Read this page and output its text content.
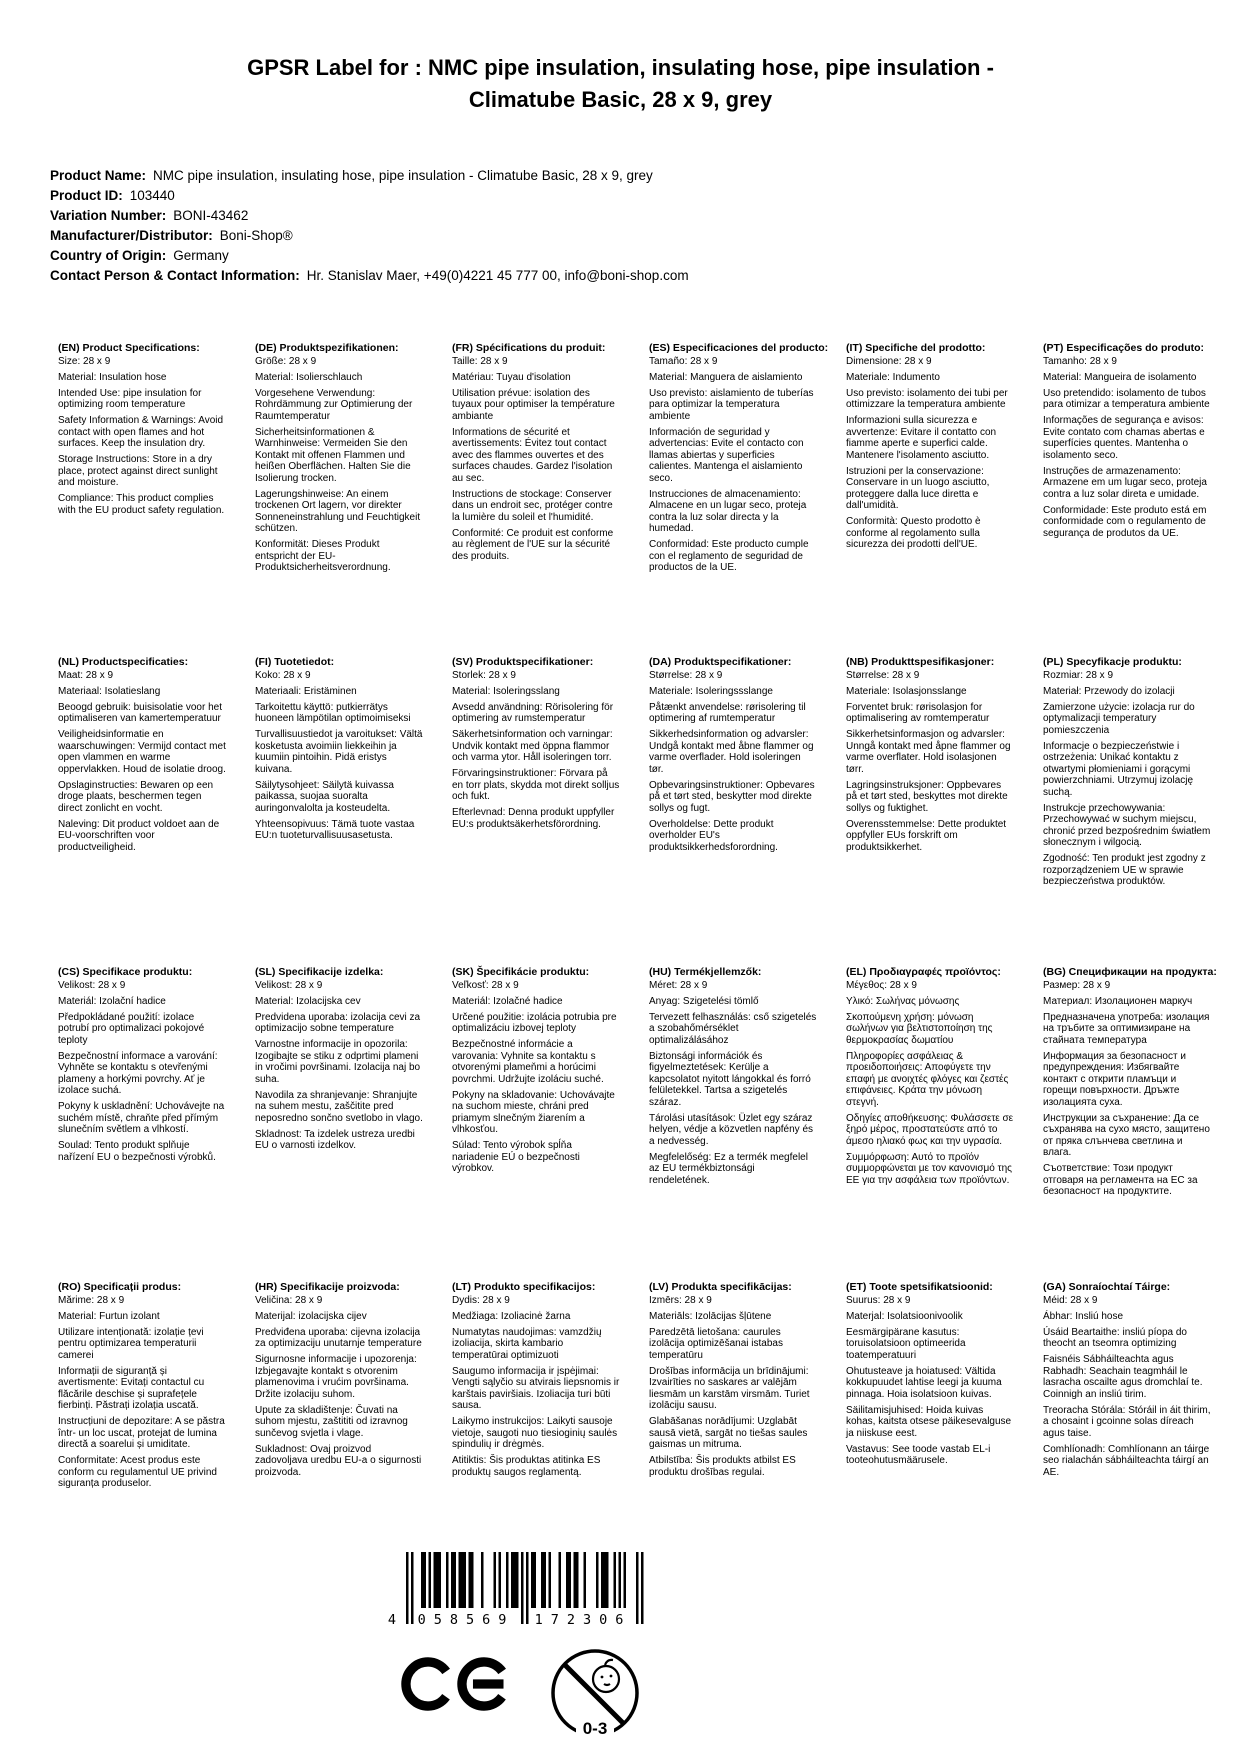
GPSR Label for : NMC pipe insulation, insulating hose, pipe insulation - Climatube Basic, 28 x 9, grey
Product Name: NMC pipe insulation, insulating hose, pipe insulation - Climatube Basic, 28 x 9, grey
Product ID: 103440
Variation Number: BONI-43462
Manufacturer/Distributor: Boni-Shop®
Country of Origin: Germany
Contact Person & Contact Information: Hr. Stanislav Maer, +49(0)4221 45 777 00, info@boni-shop.com
(EN) Product Specifications:

Size: 28 x 9

Material: Insulation hose

Intended Use: pipe insulation for optimizing room temperature

Safety Information & Warnings: Avoid contact with open flames and hot surfaces. Keep the insulation dry.

Storage Instructions: Store in a dry place, protect against direct sunlight and moisture.

Compliance: This product complies with the EU product safety regulation.

(DE) Produktspezifikationen:

Größe: 28 x 9

Material: Isolierschlauch

Vorgesehene Verwendung: Rohrdämmung zur Optimierung der Raumtemperatur

Sicherheitsinformationen & Warnhinweise: Vermeiden Sie den Kontakt mit offenen Flammen und heißen Oberflächen. Halten Sie die Isolierung trocken.

Lagerungshinweise: An einem trockenen Ort lagern, vor direkter Sonneneinstrahlung und Feuchtigkeit schützen.

Konformität: Dieses Produkt entspricht der EU-Produktsicherheitsverordnung.

(FR) Spécifications du produit:

Taille: 28 x 9

Matériau: Tuyau d'isolation

Utilisation prévue: isolation des tuyaux pour optimiser la température ambiante

Informations de sécurité et avertissements: Évitez tout contact avec des flammes ouvertes et des surfaces chaudes. Gardez l'isolation au sec.

Instructions de stockage: Conserver dans un endroit sec, protéger contre la lumière du soleil et l'humidité.

Conformité: Ce produit est conforme au règlement de l'UE sur la sécurité des produits.

(ES) Especificaciones del producto:

Tamaño: 28 x 9

Material: Manguera de aislamiento

Uso previsto: aislamiento de tuberías para optimizar la temperatura ambiente

Información de seguridad y advertencias: Evite el contacto con llamas abiertas y superficies calientes. Mantenga el aislamiento seco.

Instrucciones de almacenamiento: Almacene en un lugar seco, proteja contra la luz solar directa y la humedad.

Conformidad: Este producto cumple con el reglamento de seguridad de productos de la UE.

(IT) Specifiche del prodotto:

Dimensione: 28 x 9

Materiale: Indumento

Uso previsto: isolamento dei tubi per ottimizzare la temperatura ambiente

Informazioni sulla sicurezza e avvertenze: Evitare il contatto con fiamme aperte e superfici calde. Mantenere l'isolamento asciutto.

Istruzioni per la conservazione: Conservare in un luogo asciutto, proteggere dalla luce diretta e dall'umidità.

Conformità: Questo prodotto è conforme al regolamento sulla sicurezza dei prodotti dell'UE.

(PT) Especificações do produto:

Tamanho: 28 x 9

Material: Mangueira de isolamento

Uso pretendido: isolamento de tubos para otimizar a temperatura ambiente

Informações de segurança e avisos: Evite contato com chamas abertas e superfícies quentes. Mantenha o isolamento seco.

Instruções de armazenamento: Armazene em um lugar seco, proteja contra a luz solar direta e umidade.

Conformidade: Este produto está em conformidade com o regulamento de segurança de produtos da UE.

(NL) Productspecificaties:

Maat: 28 x 9

Materiaal: Isolatieslang

Beoogd gebruik: buisisolatie voor het optimaliseren van kamertemperatuur

Veiligheidsinformatie en waarschuwingen: Vermijd contact met open vlammen en warme oppervlakken. Houd de isolatie droog.

Opslaginstructies: Bewaren op een droge plaats, beschermen tegen direct zonlicht en vocht.

Naleving: Dit product voldoet aan de EU-voorschriften voor productveiligheid.

(FI) Tuotetiedot:

Koko: 28 x 9

Materiaali: Eristäminen

Tarkoitettu käyttö: putkierrätys huoneen lämpötilan optimoimiseksi

Turvallisuustiedot ja varoitukset: Vältä kosketusta avoimiin liekkeihin ja kuumiin pintoihin. Pidä eristys kuivana.

Säilytysohjeet: Säilytä kuivassa paikassa, suojaa suoralta auringonvalolta ja kosteudelta.

Yhteensopivuus: Tämä tuote vastaa EU:n tuoteturvallisuusasetusta.

(SV) Produktspecifikationer:

Storlek: 28 x 9

Material: Isoleringsslang

Avsedd användning: Rörisolering för optimering av rumstemperatur

Säkerhetsinformation och varningar: Undvik kontakt med öppna flammor och varma ytor. Håll isoleringen torr.

Förvaringsinstruktioner: Förvara på en torr plats, skydda mot direkt solljus och fukt.

Efterlevnad: Denna produkt uppfyller EU:s produktsäkerhetsförordning.

(DA) Produktspecifikationer:

Størrelse: 28 x 9

Materiale: Isoleringssslange

Påtænkt anvendelse: rørisolering til optimering af rumtemperatur

Sikkerhedsinformation og advarsler: Undgå kontakt med åbne flammer og varme overflader. Hold isoleringen tør.

Opbevaringsinstruktioner: Opbevares på et tørt sted, beskytter mod direkte sollys og fugt.

Overholdelse: Dette produkt overholder EU's produktsikkerhedsforordning.

(NB) Produkttspesifikasjoner:

Størrelse: 28 x 9

Materiale: Isolasjonsslange

Forventet bruk: rørisolasjon for optimalisering av romtemperatur

Sikkerhetsinformasjon og advarsler: Unngå kontakt med åpne flammer og varme overflater. Hold isolasjonen tørr.

Lagringsinstruksjoner: Oppbevares på et tørt sted, beskyttes mot direkte sollys og fuktighet.

Overensstemmelse: Dette produktet oppfyller EUs forskrift om produktsikkerhet.

(PL) Specyfikacje produktu:

Rozmiar: 28 x 9

Materiał: Przewody do izolacji

Zamierzone użycie: izolacja rur do optymalizacji temperatury pomieszczenia

Informacje o bezpieczeństwie i ostrzeżenia: Unikać kontaktu z otwartymi płomieniami i gorącymi powierzchniami. Utrzymuj izolację suchą.

Instrukcje przechowywania: Przechowywać w suchym miejscu, chronić przed bezpośrednim światłem słonecznym i wilgocią.

Zgodność: Ten produkt jest zgodny z rozporządzeniem UE w sprawie bezpieczeństwa produktów.

(CS) Specifikace produktu:

Velikost: 28 x 9

Materiál: Izolační hadice

Předpokládané použití: izolace potrubí pro optimalizaci pokojové teploty

Bezpečnostní informace a varování: Vyhněte se kontaktu s otevřenými plameny a horkými povrchy. Ať je izolace suchá.

Pokyny k uskladnění: Uchovávejte na suchém místě, chraňte před přímým slunečním světlem a vlhkostí.

Soulad: Tento produkt splňuje nařízení EU o bezpečnosti výrobků.

(SL) Specifikacije izdelka:

Velikost: 28 x 9

Material: Izolacijska cev

Predvidena uporaba: izolacija cevi za optimizacijo sobne temperature

Varnostne informacije in opozorila: Izogibajte se stiku z odprtimi plameni in vročimi površinami. Izolacija naj bo suha.

Navodila za shranjevanje: Shranjujte na suhem mestu, zaščitite pred neposredno sončno svetlobo in vlago.

Skladnost: Ta izdelek ustreza uredbi EU o varnosti izdelkov.

(SK) Špecifikácie produktu:

Veľkosť: 28 x 9

Materiál: Izolačné hadice

Určené použitie: izolácia potrubia pre optimalizáciu izbovej teploty

Bezpečnostné informácie a varovania: Vyhnite sa kontaktu s otvorenými plameňmi a horúcimi povrchmi. Udržujte izoláciu suché.

Pokyny na skladovanie: Uchovávajte na suchom mieste, chráni pred priamym slnečným žiarením a vlhkosťou.

Súlad: Tento výrobok spĺňa nariadenie EÚ o bezpečnosti výrobkov.

(HU) Termékjellemzők:

Méret: 28 x 9

Anyag: Szigetelési tömlő

Tervezett felhasználás: cső szigetelés a szobahőmérséklet optimalizálásához

Biztonsági információk és figyelmeztetések: Kerülje a kapcsolatot nyitott lángokkal és forró felületekkel. Tartsa a szigetelés száraz.

Tárolási utasítások: Üzlet egy száraz helyen, védje a közvetlen napfény és a nedvesség.

Megfelelőség: Ez a termék megfelel az EU termékbiztonsági rendeletének.

(EL) Προδιαγραφές προϊόντος:

Μέγεθος: 28 x 9

Υλικό: Σωλήνας μόνωσης

Σκοπούμενη χρήση: μόνωση σωλήνων για βελτιστοποίηση της θερμοκρασίας δωματίου

Πληροφορίες ασφάλειας & προειδοποιήσεις: Αποφύγετε την επαφή με ανοιχτές φλόγες και ζεστές επιφάνειες. Κράτα την μόνωση στεγνή.

Οδηγίες αποθήκευσης: Φυλάσσετε σε ξηρό μέρος, προστατεύστε από το άμεσο ηλιακό φως και την υγρασία.

Συμμόρφωση: Αυτό το προϊόν συμμορφώνεται με τον κανονισμό της ΕΕ για την ασφάλεια των προϊόντων.

(BG) Спецификации на продукта:

Размер: 28 x 9

Материал: Изолационен маркуч

Предназначена употреба: изолация на тръбите за оптимизиране на стайната температура

Информация за безопасност и предупреждения: Избягвайте контакт с открити пламъци и горещи повърхности. Дръжте изолацията суха.

Инструкции за съхранение: Да се съхранява на сухо място, защитено от пряка слънчева светлина и влага.

Съответствие: Този продукт отговаря на регламента на ЕС за безопасност на продуктите.

(RO) Specificații produs:

Mărime: 28 x 9

Material: Furtun izolant

Utilizare intenționată: izolație țevi pentru optimizarea temperaturii camerei

Informații de siguranță și avertismente: Evitați contactul cu flăcările deschise și suprafețele fierbinți. Păstrați izolația uscată.

Instrucțiuni de depozitare: A se păstra într- un loc uscat, protejat de lumina directă a soarelui și umiditate.

Conformitate: Acest produs este conform cu regulamentul UE privind siguranța produselor.

(HR) Specifikacije proizvoda:

Veličina: 28 x 9

Materijal: izolacijska cijev

Predviđena uporaba: cijevna izolacija za optimizaciju unutarnje temperature

Sigurnosne informacije i upozorenja: Izbjegavajte kontakt s otvorenim plamenovima i vrućim površinama. Držite izolaciju suhom.

Upute za skladištenje: Čuvati na suhom mjestu, zaštititi od izravnog sunčevog svjetla i vlage.

Sukladnost: Ovaj proizvod zadovoljava uredbu EU-a o sigurnosti proizvoda.

(LT) Produkto specifikacijos:

Dydis: 28 x 9

Medžiaga: Izoliacinė žarna

Numatytas naudojimas: vamzdžių izoliacija, skirta kambario temperatūrai optimizuoti

Saugumo informacija ir įspėjimai: Vengti sąlyčio su atvirais liepsnomis ir karštais paviršiais. Izoliacija turi būti sausa.

Laikymo instrukcijos: Laikyti sausoje vietoje, saugoti nuo tiesioginių saulės spindulių ir drėgmės.

Atitiktis: Šis produktas atitinka ES produktų saugos reglamentą.

(LV) Produkta specifikācijas:

Izmērs: 28 x 9

Materiāls: Izolācijas šļūtene

Paredzētā lietošana: caurules izolācija optimizēšanai istabas temperatūru

Drošības informācija un brīdinājumi: Izvairīties no saskares ar valējām liesmām un karstām virsmām. Turiet izolāciju sausu.

Glabāšanas norādījumi: Uzglabāt sausā vietā, sargāt no tiešas saules gaismas un mitruma.

Atbilstība: Šis produkts atbilst ES produktu drošības regulai.

(ET) Toote spetsifikatsioonid:

Suurus: 28 x 9

Materjal: Isolatsioonivoolik

Eesmärgipärane kasutus: toruisolatsioon optimeerida toatemperatuuri

Ohutusteave ja hoiatused: Vältida kokkupuudet lahtise leegi ja kuuma pinnaga. Hoia isolatsioon kuivas.

Säilitamisjuhised: Hoida kuivas kohas, kaitsta otsese päikesevalguse ja niiskuse eest.

Vastavus: See toode vastab EL-i tooteohutusmäärusele.

(GA) Sonraíochtaí Táirge:

Méid: 28 x 9

Ábhar: Insliú hose

Úsáid Beartaithe: insliú píopa do theocht an tseomra optimizing

Faisnéis Sábháilteachta agus Rabhadh: Seachain teagmháil le lasracha oscailte agus dromchlaí te. Coinnigh an insliú tirim.

Treoracha Stórála: Stóráil in áit thirim, a chosaint i gcoinne solas díreach agus taise.

Comhlíonadh: Comhlíonann an táirge seo rialachán sábháilteachta táirgí an AE.

4 058569 172306
0-3
